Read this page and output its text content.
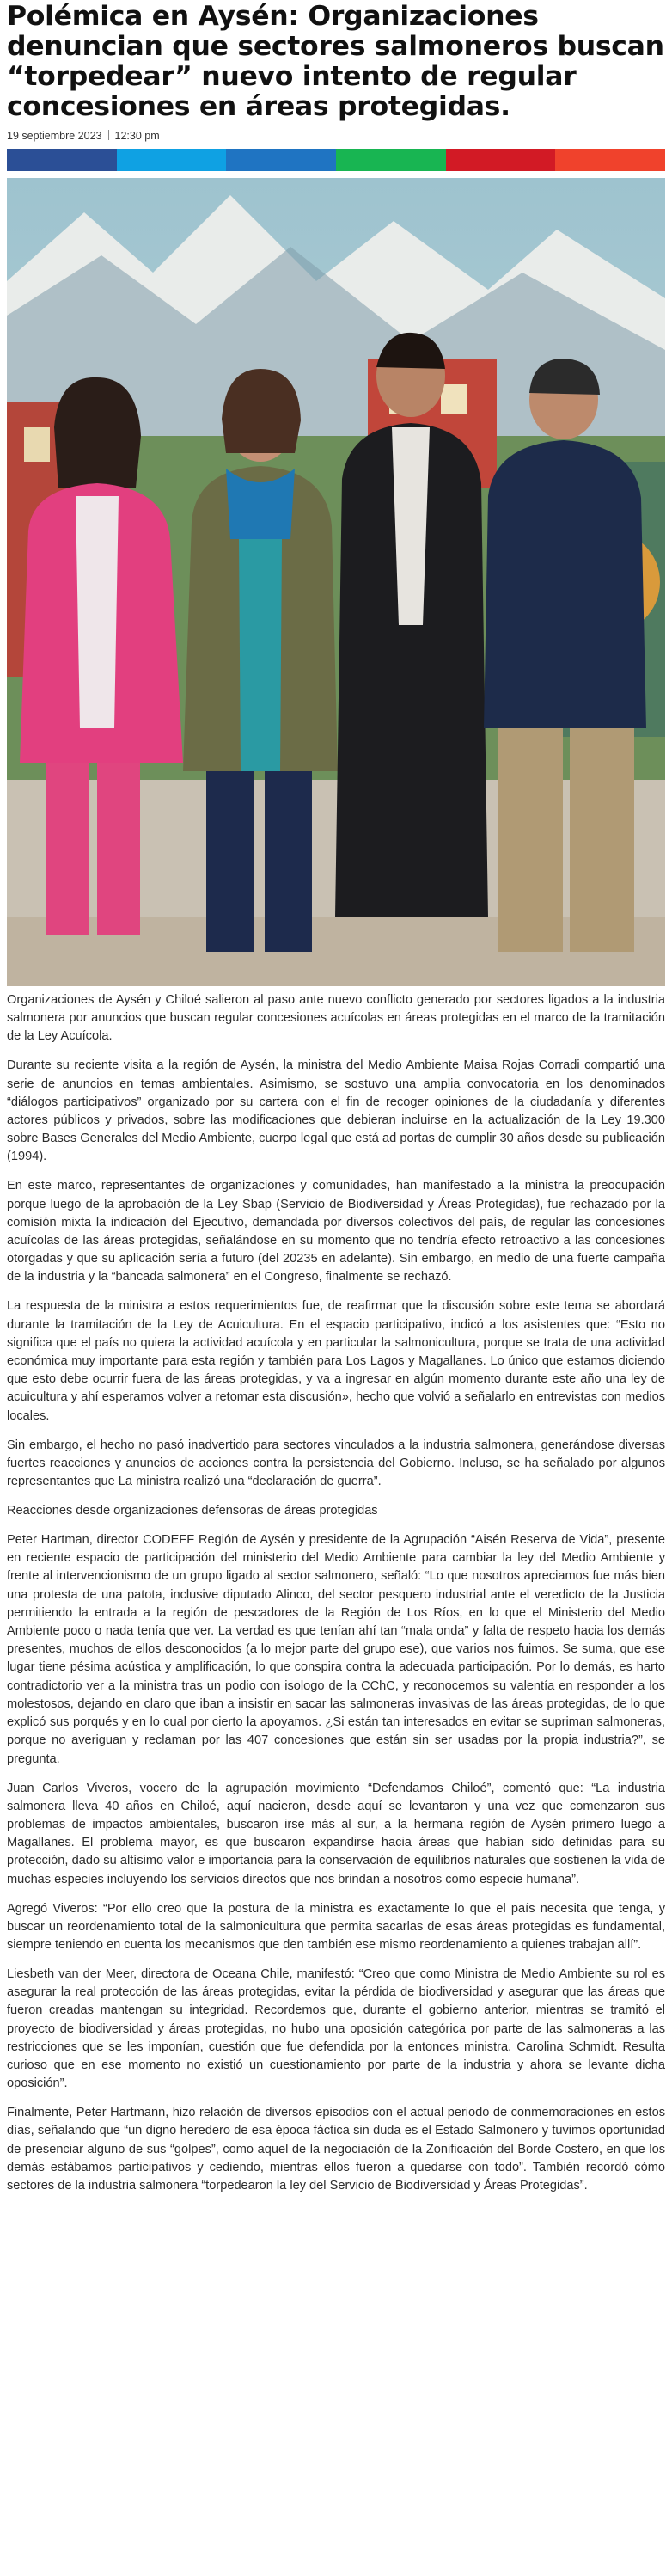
Polémica en Aysén: Organizaciones denuncian que sectores salmoneros buscan “torpedear” nuevo intento de regular concesiones en áreas protegidas.
19 septiembre 2023 12:30 pm

Organizaciones de Aysén y Chiloé salieron al paso ante nuevo conflicto generado por sectores ligados a la industria salmonera por anuncios que buscan regular concesiones acuícolas en áreas protegidas en el marco de la tramitación de la Ley Acuícola.

Durante su reciente visita a la región de Aysén, la ministra del Medio Ambiente Maisa Rojas Corradi compartió una serie de anuncios en temas ambientales. Asimismo, se sostuvo una amplia convocatoria en los denominados “diálogos participativos” organizado por su cartera con el fin de recoger opiniones de la ciudadanía y diferentes actores públicos y privados, sobre las modificaciones que debieran incluirse en la actualización de la Ley 19.300 sobre Bases Generales del Medio Ambiente, cuerpo legal que está ad portas de cumplir 30 años desde su publicación (1994).

En este marco, representantes de organizaciones y comunidades, han manifestado a la ministra la preocupación porque luego de la aprobación de la Ley Sbap (Servicio de Biodiversidad y Áreas Protegidas), fue rechazado por la comisión mixta la indicación del Ejecutivo, demandada por diversos colectivos del país, de regular las concesiones acuícolas de las áreas protegidas, señalándose en su momento que no tendría efecto retroactivo a las concesiones otorgadas y que su aplicación sería a futuro (del 20235 en adelante). Sin embargo, en medio de una fuerte campaña de la industria y la “bancada salmonera” en el Congreso, finalmente se rechazó.

La respuesta de la ministra a estos requerimientos fue, de reafirmar que la discusión sobre este tema se abordará durante la tramitación de la Ley de Acuicultura. En el espacio participativo, indicó a los asistentes que: “Esto no significa que el país no quiera la actividad acuícola y en particular la salmonicultura, porque se trata de una actividad económica muy importante para esta región y también para Los Lagos y Magallanes. Lo único que estamos diciendo que esto debe ocurrir fuera de las áreas protegidas, y va a ingresar en algún momento durante este año una ley de acuicultura y ahí esperamos volver a retomar esta discusión», hecho que volvió a señalarlo en entrevistas con medios locales.

Sin embargo, el hecho no pasó inadvertido para sectores vinculados a la industria salmonera, generándose diversas fuertes reacciones y anuncios de acciones contra la persistencia del Gobierno. Incluso, se ha señalado por algunos representantes que La ministra realizó una “declaración de guerra”.

Reacciones desde organizaciones defensoras de áreas protegidas

Peter Hartman, director CODEFF Región de Aysén y presidente de la Agrupación “Aisén Reserva de Vida”, presente en reciente espacio de participación del ministerio del Medio Ambiente para cambiar la ley del Medio Ambiente y frente al intervencionismo de un grupo ligado al sector salmonero, señaló: “Lo que nosotros apreciamos fue más bien una protesta de una patota, inclusive diputado Alinco, del sector pesquero industrial ante el veredicto de la Justicia permitiendo la entrada a la región de pescadores de la Región de Los Ríos, en lo que el Ministerio del Medio Ambiente poco o nada tenía que ver. La verdad es que tenían ahí tan “mala onda” y falta de respeto hacia los demás presentes, muchos de ellos desconocidos (a lo mejor parte del grupo ese), que varios nos fuimos. Se suma, que ese lugar tiene pésima acústica y amplificación, lo que conspira contra la adecuada participación. Por lo demás, es harto contradictorio ver a la ministra tras un podio con isologo de la CChC, y reconocemos su valentía en responder a los molestosos, dejando en claro que iban a insistir en sacar las salmoneras invasivas de las áreas protegidas, de lo que explicó sus porqués y en lo cual por cierto la apoyamos. ¿Si están tan interesados en evitar se supriman salmoneras, porque no averiguan y reclaman por las 407 concesiones que están sin ser usadas por la propia industria?”, se pregunta.

Juan Carlos Viveros, vocero de la agrupación movimiento “Defendamos Chiloé”, comentó que: “La industria salmonera lleva 40 años en Chiloé, aquí nacieron, desde aquí se levantaron y una vez que comenzaron sus problemas de impactos ambientales, buscaron irse más al sur, a la hermana región de Aysén primero luego a Magallanes. El problema mayor, es que buscaron expandirse hacia áreas que habían sido definidas para su protección, dado su altísimo valor e importancia para la conservación de equilibrios naturales que sostienen la vida de muchas especies incluyendo los servicios directos que nos brindan a nosotros como especie humana”.

Agregó Viveros: “Por ello creo que la postura de la ministra es exactamente lo que el país necesita que tenga, y buscar un reordenamiento total de la salmonicultura que permita sacarlas de esas áreas protegidas es fundamental, siempre teniendo en cuenta los mecanismos que den también ese mismo reordenamiento a quienes trabajan allí”.

Liesbeth van der Meer, directora de Oceana Chile, manifestó: “Creo que como Ministra de Medio Ambiente su rol es asegurar la real protección de las áreas protegidas, evitar la pérdida de biodiversidad y asegurar que las áreas que fueron creadas mantengan su integridad. Recordemos que, durante el gobierno anterior, mientras se tramitó el proyecto de biodiversidad y áreas protegidas, no hubo una oposición categórica por parte de las salmoneras a las restricciones que se les imponían, cuestión que fue defendida por la entonces ministra, Carolina Schmidt. Resulta curioso que en ese momento no existió un cuestionamiento por parte de la industria y ahora se levante dicha oposición”.

Finalmente, Peter Hartmann, hizo relación de diversos episodios con el actual periodo de conmemoraciones en estos días, señalando que “un digno heredero de esa época fáctica sin duda es el Estado Salmonero y tuvimos oportunidad de presenciar alguno de sus “golpes”, como aquel de la negociación de la Zonificación del Borde Costero, en que los demás estábamos participativos y cediendo, mientras ellos fueron a quedarse con todo”. También recordó cómo sectores de la industria salmonera “torpedearon la ley del Servicio de Biodiversidad y Áreas Protegidas”.
